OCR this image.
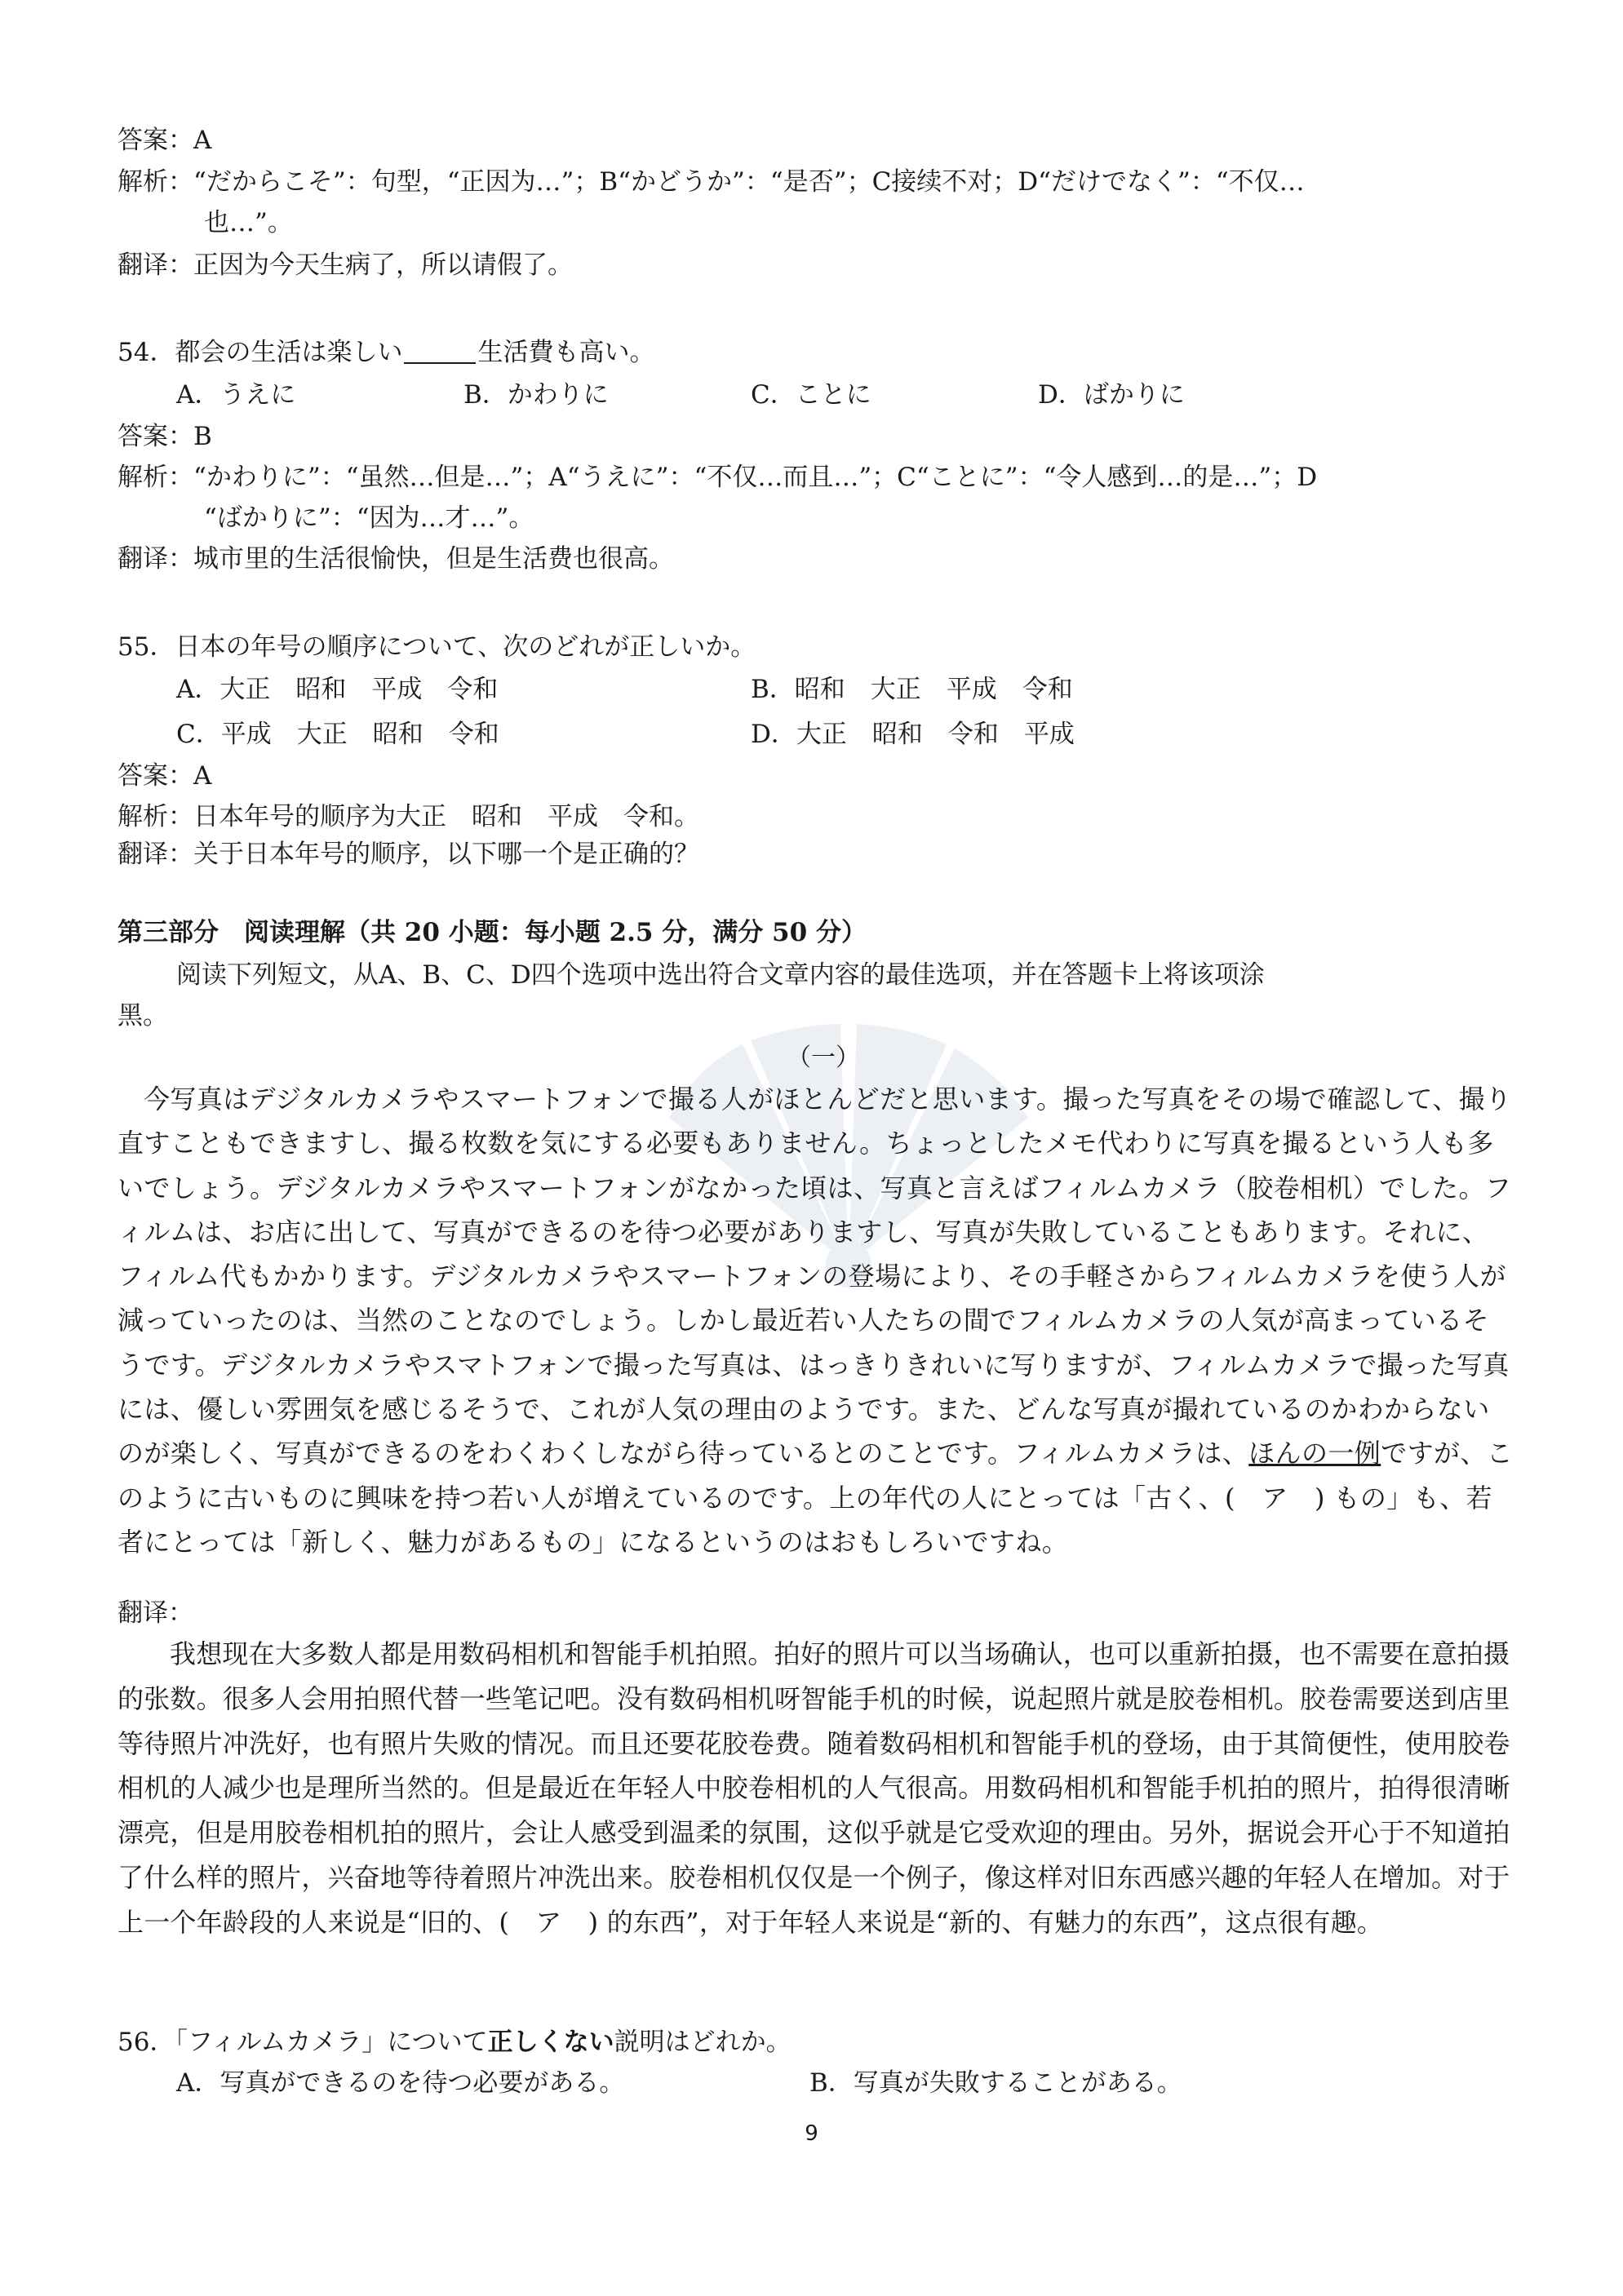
答案：A
解析：“だからこそ”：句型，“正因为…”；B“かどうか”：“是否”；C接续不对；D“だけでなく”：“不仅…
也…”。
翻译：正因为今天生病了，所以请假了。
54．都会の生活は楽しい	生活費も高い。
A．うえに	B．かわりに	C．ことに	D．ばかりに
答案：B
解析：“かわりに”：“虽然…但是…”；A“うえに”：“不仅…而且…”；C“ことに”：“令人感到…的是…”；D
“ばかりに”：“因为…才…”。
翻译：城市里的生活很愉快，但是生活费也很高。
55．日本の年号の順序について、次のどれが正しいか。
A．大正　昭和　平成　令和	B．昭和　大正　平成　令和
C．平成　大正　昭和　令和	D．大正　昭和　令和　平成
答案：A
解析：日本年号的顺序为大正　昭和　平成　令和。
翻译：关于日本年号的顺序，以下哪一个是正确的？
第三部分　阅读理解（共 20 小题：每小题 2.5 分，满分 50 分）
阅读下列短文，从A、B、C、D四个选项中选出符合文章内容的最佳选项，并在答题卡上将该项涂
黑。
（一）
今写真はデジタルカメラやスマートフォンで撮る人がほとんどだと思います。撮った写真をその場で確認して、撮り直すこともできますし、撮る枚数を気にする必要もありません。ちょっとしたメモ代わりに写真を撮るという人も多いでしょう。デジタルカメラやスマートフォンがなかった頃は、写真と言えばフィルムカメラ（胶卷相机）でした。フィルムは、お店に出して、写真ができるのを待つ必要がありますし、写真が失敗していることもあります。それに、フィルム代もかかります。デジタルカメラやスマートフォンの登場により、その手軽さからフィルムカメラを使う人が減っていったのは、当然のことなのでしょう。しかし最近若い人たちの間でフィルムカメラの人気が高まっているそうです。デジタルカメラやスマトフォンで撮った写真は、はっきりきれいに写りますが、フィルムカメラで撮った写真には、優しい雰囲気を感じるそうで、これが人気の理由のようです。また、どんな写真が撮れているのかわからないのが楽しく、写真ができるのをわくわくしながら待っているとのことです。フィルムカメラは、ほんの一例ですが、このように古いものに興味を持つ若い人が増えているのです。上の年代の人にとっては「古く、(　ア　) もの」も、若者にとっては「新しく、魅力があるもの」になるというのはおもしろいですね。
翻译：
我想现在大多数人都是用数码相机和智能手机拍照。拍好的照片可以当场确认，也可以重新拍摄，也不需要在意拍摄的张数。很多人会用拍照代替一些笔记吧。没有数码相机呀智能手机的时候，说起照片就是胶卷相机。胶卷需要送到店里等待照片冲洗好，也有照片失败的情况。而且还要花胶卷费。随着数码相机和智能手机的登场，由于其简便性，使用胶卷相机的人减少也是理所当然的。但是最近在年轻人中胶卷相机的人气很高。用数码相机和智能手机拍的照片，拍得很清晰漂亮，但是用胶卷相机拍的照片，会让人感受到温柔的氛围，这似乎就是它受欢迎的理由。另外，据说会开心于不知道拍了什么样的照片，兴奋地等待着照片冲洗出来。胶卷相机仅仅是一个例子，像这样对旧东西感兴趣的年轻人在增加。对于上一个年龄段的人来说是“旧的、(　ア　) 的东西”，对于年轻人来说是“新的、有魅力的东西”，这点很有趣。
56．「フィルムカメラ」について正しくない説明はどれか。
A．写真ができるのを待つ必要がある。	B．写真が失敗することがある。
9
